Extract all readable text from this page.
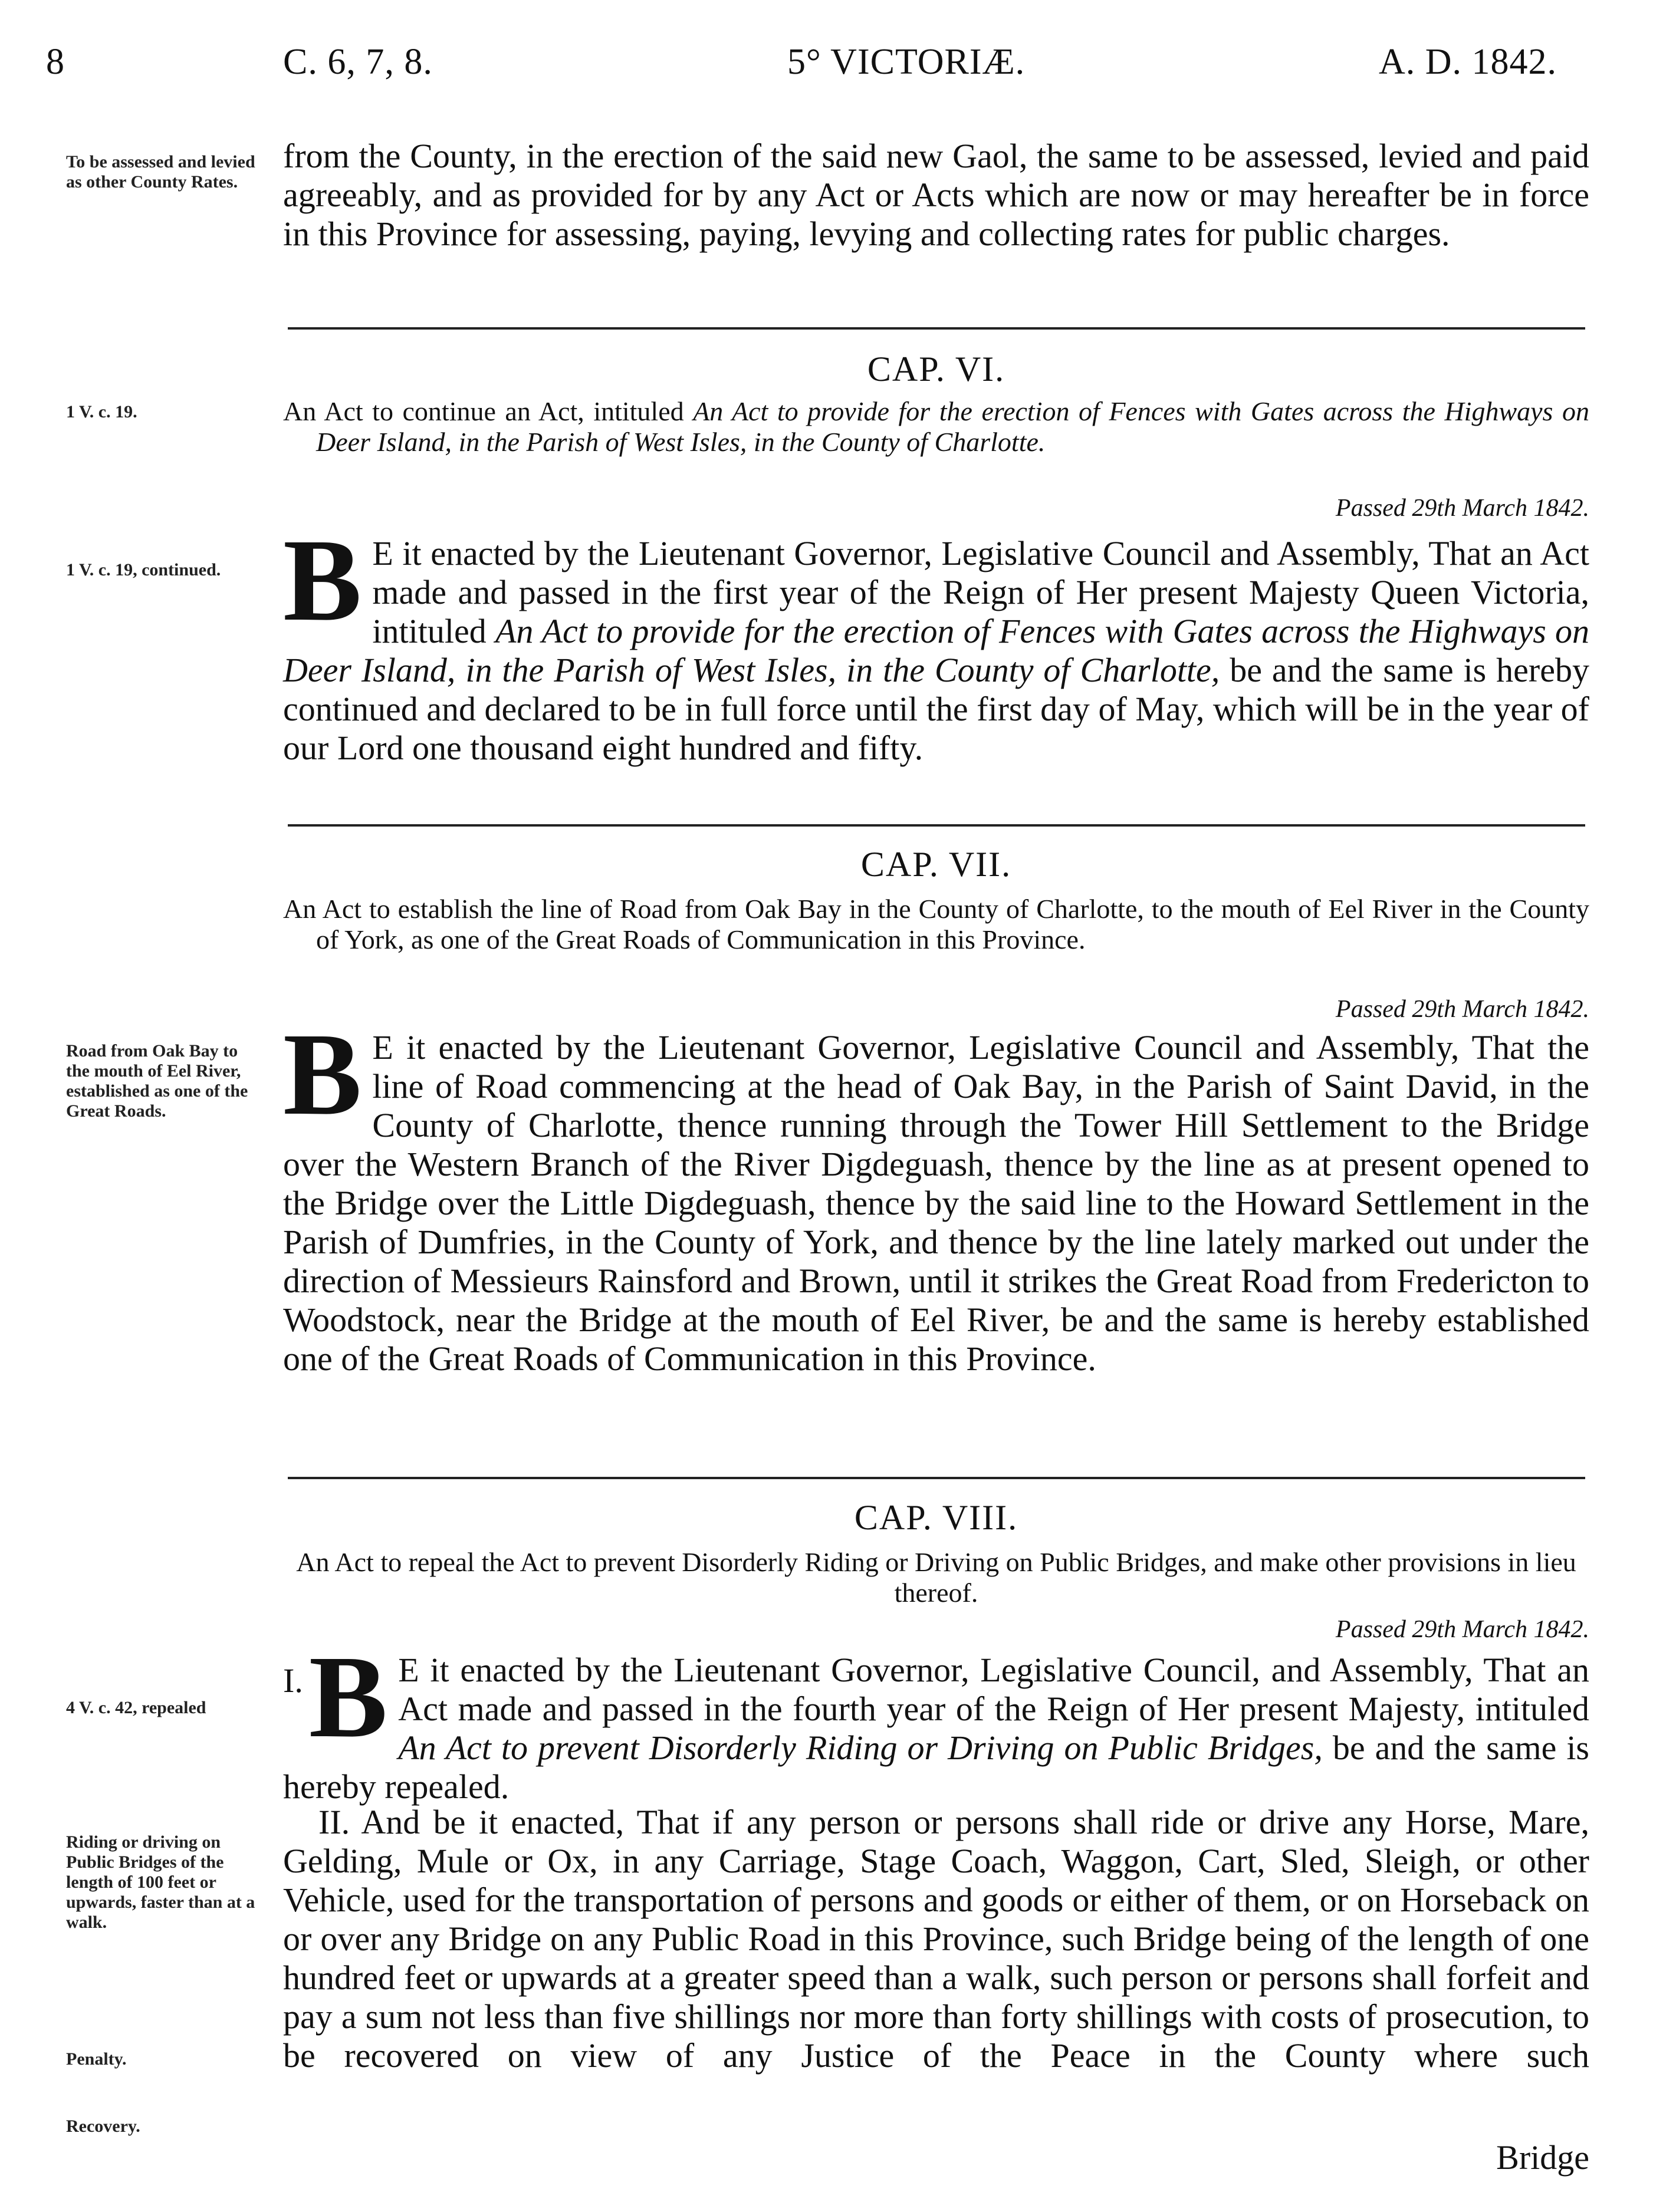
8	C. 6, 7, 8.	5° VICTORIÆ.	A. D. 1842.
To be assessed and levied as other County Rates.

from the County, in the erection of the said new Gaol, the same to be assessed, levied and paid agreeably, and as provided for by any Act or Acts which are now or may hereafter be in force in this Province for assessing, paying, levying and collecting rates for public charges.

CAP. VI.
1 V. c. 19.	An Act to continue an Act, intituled An Act to provide for the erection of Fences with Gates across the Highways on Deer Island, in the Parish of West Isles, in the County of Charlotte.

Passed 29th March 1842.
1 V. c. 19, continued. B E it enacted by the Lieutenant Governor, Legislative Council and Assembly, That an Act made and passed in the first year of the Reign of Her present Majesty Queen Victoria, intituled An Act to provide for the erection of Fences with Gates across the Highways on Deer Island, in the Parish of West Isles, in the County of Charlotte, be and the same is hereby continued and declared to be in full force until the first day of May, which will be in the year of our Lord one thousand eight hundred and fifty.

CAP. VII.

An Act to establish the line of Road from Oak Bay in the County of Charlotte, to the mouth of Eel River in the County of York, as one of the Great Roads of Communication in this Province.

Passed 29th March 1842.
Road from Oak Bay to the mouth of Eel River, established as one of the Great Roads. B E it enacted by the Lieutenant Governor, Legislative Council and Assembly, That the line of Road commencing at the head of Oak Bay, in the Parish of Saint David, in the County of Charlotte, thence running through the Tower Hill Settlement to the Bridge over the Western Branch of the River Digdeguash, thence by the line as at present opened to the Bridge over the Little Digdeguash, thence by the said line to the Howard Settlement in the Parish of Dumfries, in the County of York, and thence by the line lately marked out under the direction of Messieurs Rainsford and Brown, until it strikes the Great Road from Fredericton to Woodstock, near the Bridge at the mouth of Eel River, be and the same is hereby established one of the Great Roads of Communication in this Province.

CAP. VIII.

An Act to repeal the Act to prevent Disorderly Riding or Driving on Public Bridges, and make other provisions in lieu thereof.

Passed 29th March 1842.
4 V. c. 42, repealed

I. B E it enacted by the Lieutenant Governor, Legislative Council, and Assembly, That an Act made and passed in the fourth year of the Reign of Her present Majesty, intituled An Act to prevent Disorderly Riding or Driving on Public Bridges, be and the same is hereby repealed.

Riding or driving on Public Bridges of the length of 100 feet or upwards, faster than at a walk.
Penalty.
Recovery.

II. And be it enacted, That if any person or persons shall ride or drive any Horse, Mare, Gelding, Mule or Ox, in any Carriage, Stage Coach, Waggon, Cart, Sled, Sleigh, or other Vehicle, used for the transportation of persons and goods or either of them, or on Horseback on or over any Bridge on any Public Road in this Province, such Bridge being of the length of one hundred feet or upwards at a greater speed than a walk, such person or persons shall forfeit and pay a sum not less than five shillings nor more than forty shillings with costs of prosecution, to be recovered on view of any Justice of the Peace in the County where such

Bridge
